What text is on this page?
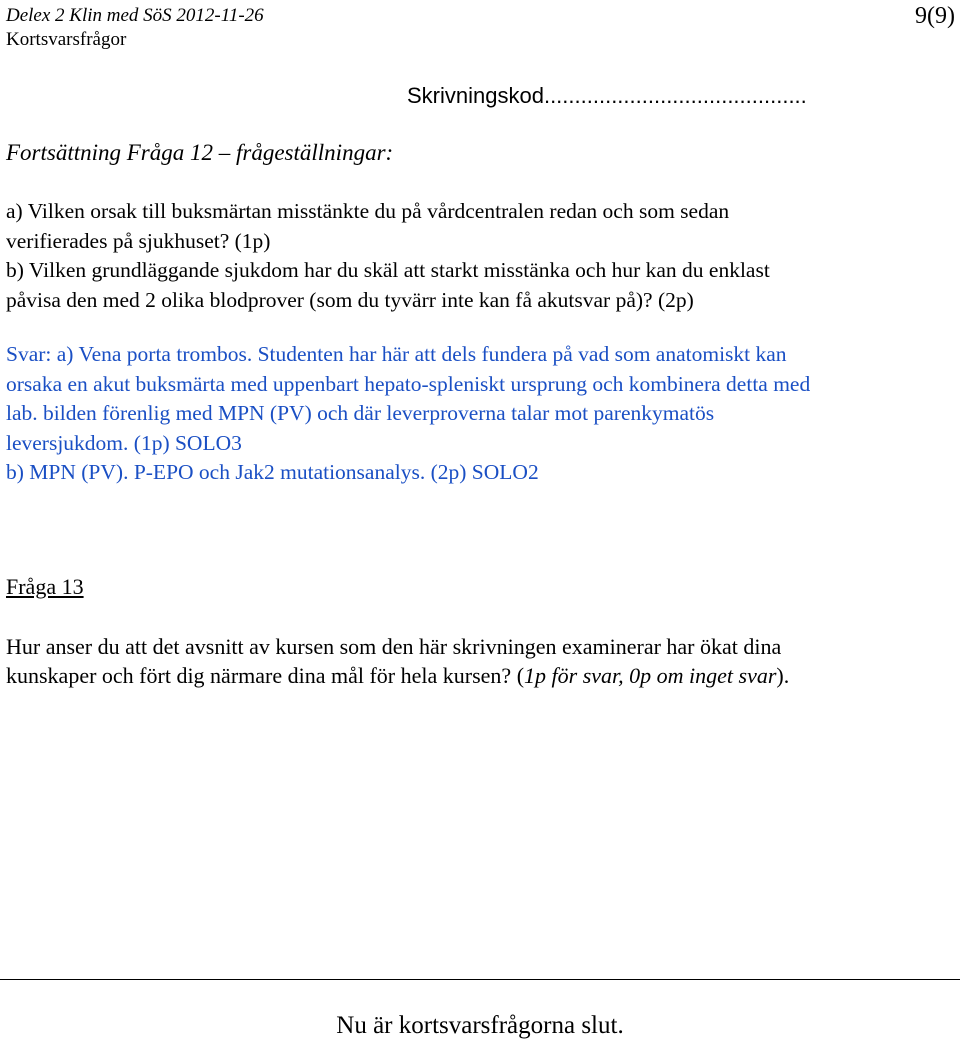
Delex 2 Klin med SöS 2012-11-26
Kortsvarsfrågor
9(9)
Skrivningskod...........................................
Fortsättning Fråga 12 – frågeställningar:
a) Vilken orsak till buksmärtan misstänkte du på vårdcentralen redan och som sedan
verifierades på sjukhuset? (1p)
b) Vilken grundläggande sjukdom har du skäl att starkt misstänka och hur kan du enklast
påvisa den med 2 olika blodprover (som du tyvärr inte kan få akutsvar på)? (2p)
Svar: a) Vena porta trombos. Studenten har här att dels fundera på vad som anatomiskt kan
orsaka en akut buksmärta med uppenbart hepato-spleniskt ursprung och kombinera detta med
lab. bilden förenlig med MPN (PV) och där leverproverna talar mot parenkymatös
leversjukdom. (1p) SOLO3
b) MPN (PV). P-EPO och Jak2 mutationsanalys. (2p) SOLO2
Fråga 13
Hur anser du att det avsnitt av kursen som den här skrivningen examinerar har ökat dina
kunskaper och fört dig närmare dina mål för hela kursen? (1p för svar, 0p om inget svar).
Nu är kortsvarsfrågorna slut.
